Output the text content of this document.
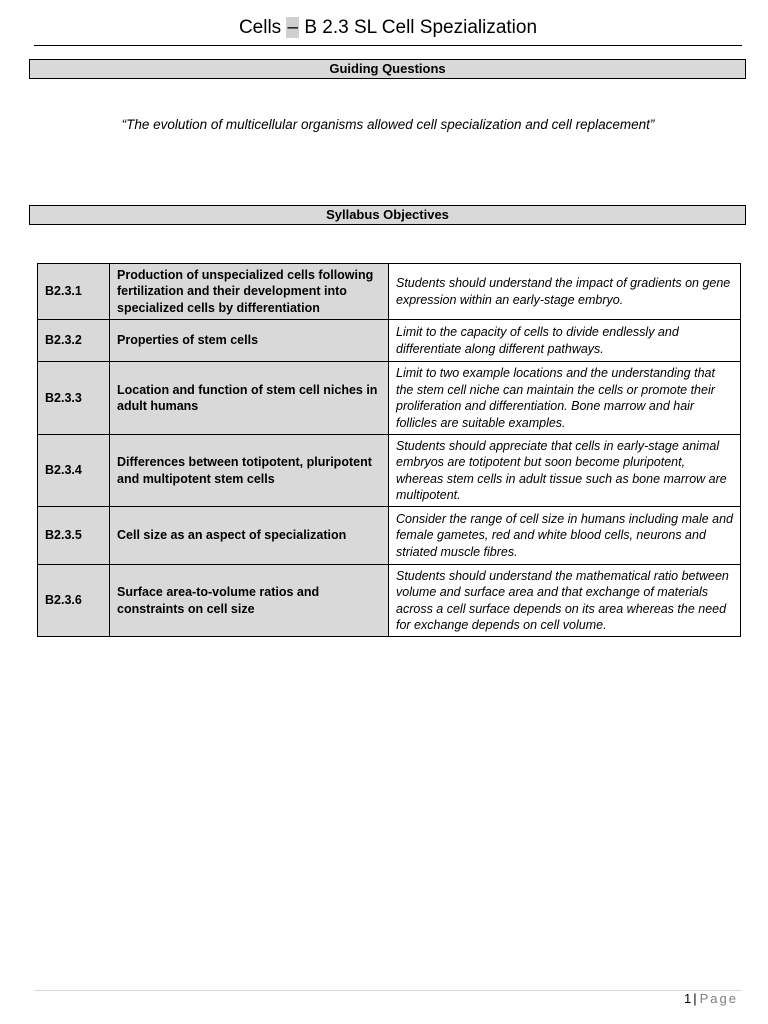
Cells – B 2.3 SL Cell Spezialization
Guiding Questions
“The evolution of multicellular organisms allowed cell specialization and cell replacement”
Syllabus Objectives
B2.3.1	Production of unspecialized cells following fertilization and their development into specialized cells by differentiation	Students should understand the impact of gradients on gene expression within an early-stage embryo.
B2.3.2	Properties of stem cells	Limit to the capacity of cells to divide endlessly and differentiate along different pathways.
B2.3.3	Location and function of stem cell niches in adult humans	Limit to two example locations and the understanding that the stem cell niche can maintain the cells or promote their proliferation and differentiation. Bone marrow and hair follicles are suitable examples.
B2.3.4	Differences between totipotent, pluripotent and multipotent stem cells	Students should appreciate that cells in early-stage animal embryos are totipotent but soon become pluripotent, whereas stem cells in adult tissue such as bone marrow are multipotent.
B2.3.5	Cell size as an aspect of specialization	Consider the range of cell size in humans including male and female gametes, red and white blood cells, neurons and striated muscle fibres.
B2.3.6	Surface area-to-volume ratios and constraints on cell size	Students should understand the mathematical ratio between volume and surface area and that exchange of materials across a cell surface depends on its area whereas the need for exchange depends on cell volume.
1 | Page
